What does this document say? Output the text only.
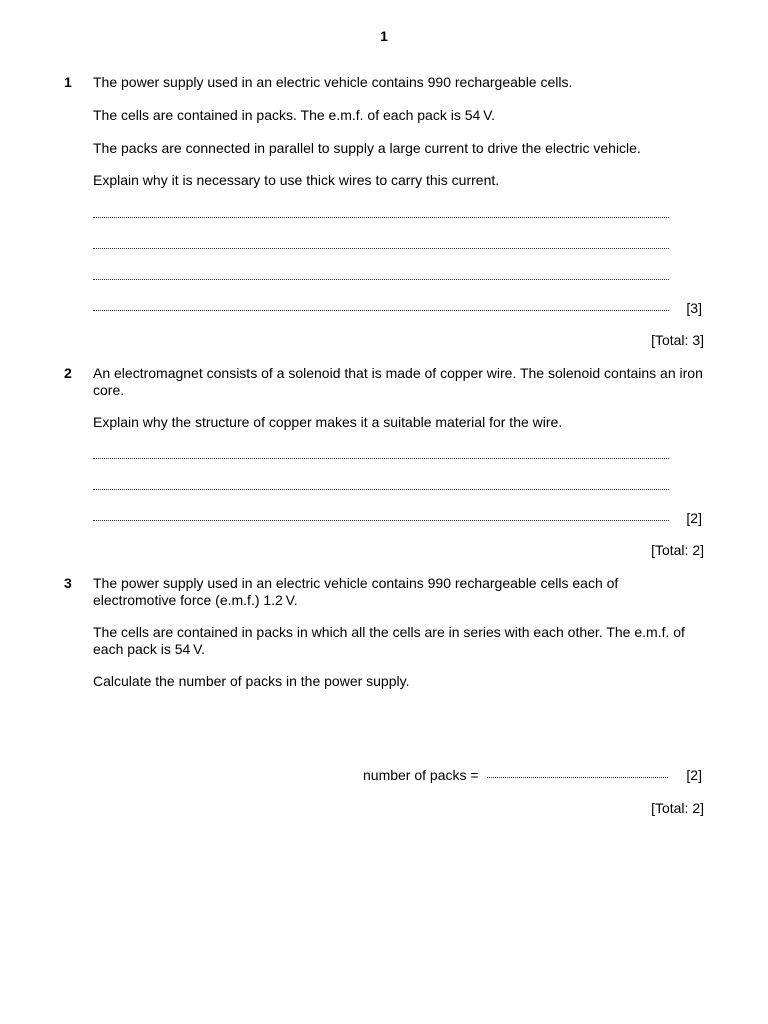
1
1 The power supply used in an electric vehicle contains 990 rechargeable cells.
The cells are contained in packs. The e.m.f. of each pack is 54 V.
The packs are connected in parallel to supply a large current to drive the electric vehicle.
Explain why it is necessary to use thick wires to carry this current.
[3]
[Total: 3]
2 An electromagnet consists of a solenoid that is made of copper wire. The solenoid contains an iron core.
Explain why the structure of copper makes it a suitable material for the wire.
[2]
[Total: 2]
3 The power supply used in an electric vehicle contains 990 rechargeable cells each of electromotive force (e.m.f.) 1.2 V.
The cells are contained in packs in which all the cells are in series with each other. The e.m.f. of each pack is 54 V.
Calculate the number of packs in the power supply.
number of packs =	[2]
[Total: 2]
